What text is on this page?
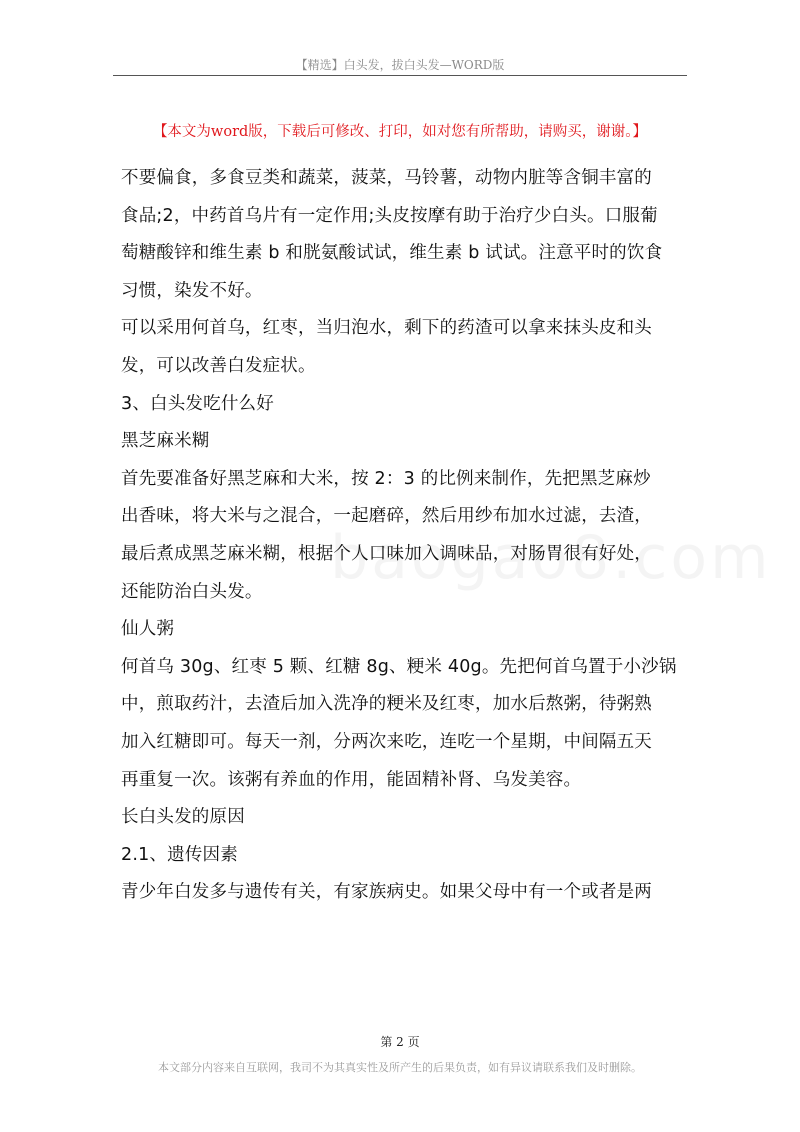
【精选】白头发，拔白头发—WORD版
【本文为word版，下载后可修改、打印，如对您有所帮助，请购买，谢谢。】

不要偏食，多食豆类和蔬菜，菠菜，马铃薯，动物内脏等含铜丰富的

食品;2，中药首乌片有一定作用;头皮按摩有助于治疗少白头。口服葡

萄糖酸锌和维生素 b 和胱氨酸试试，维生素 b 试试。注意平时的饮食

习惯，染发不好。

可以采用何首乌，红枣，当归泡水，剩下的药渣可以拿来抹头皮和头

发，可以改善白发症状。

3、白头发吃什么好

黑芝麻米糊

首先要准备好黑芝麻和大米，按 2：3 的比例来制作，先把黑芝麻炒

出香味，将大米与之混合，一起磨碎，然后用纱布加水过滤，去渣，

最后煮成黑芝麻米糊，根据个人口味加入调味品，对肠胃很有好处，

还能防治白头发。

仙人粥

何首乌 30g、红枣 5 颗、红糖 8g、粳米 40g。先把何首乌置于小沙锅

中，煎取药汁，去渣后加入洗净的粳米及红枣，加水后熬粥，待粥熟

加入红糖即可。每天一剂，分两次来吃，连吃一个星期，中间隔五天

再重复一次。该粥有养血的作用，能固精补肾、乌发美容。

长白头发的原因

2.1、遗传因素

青少年白发多与遗传有关，有家族病史。如果父母中有一个或者是两

第 2 页
本文部分内容来自互联网，我司不为其真实性及所产生的后果负责，如有异议请联系我们及时删除。
